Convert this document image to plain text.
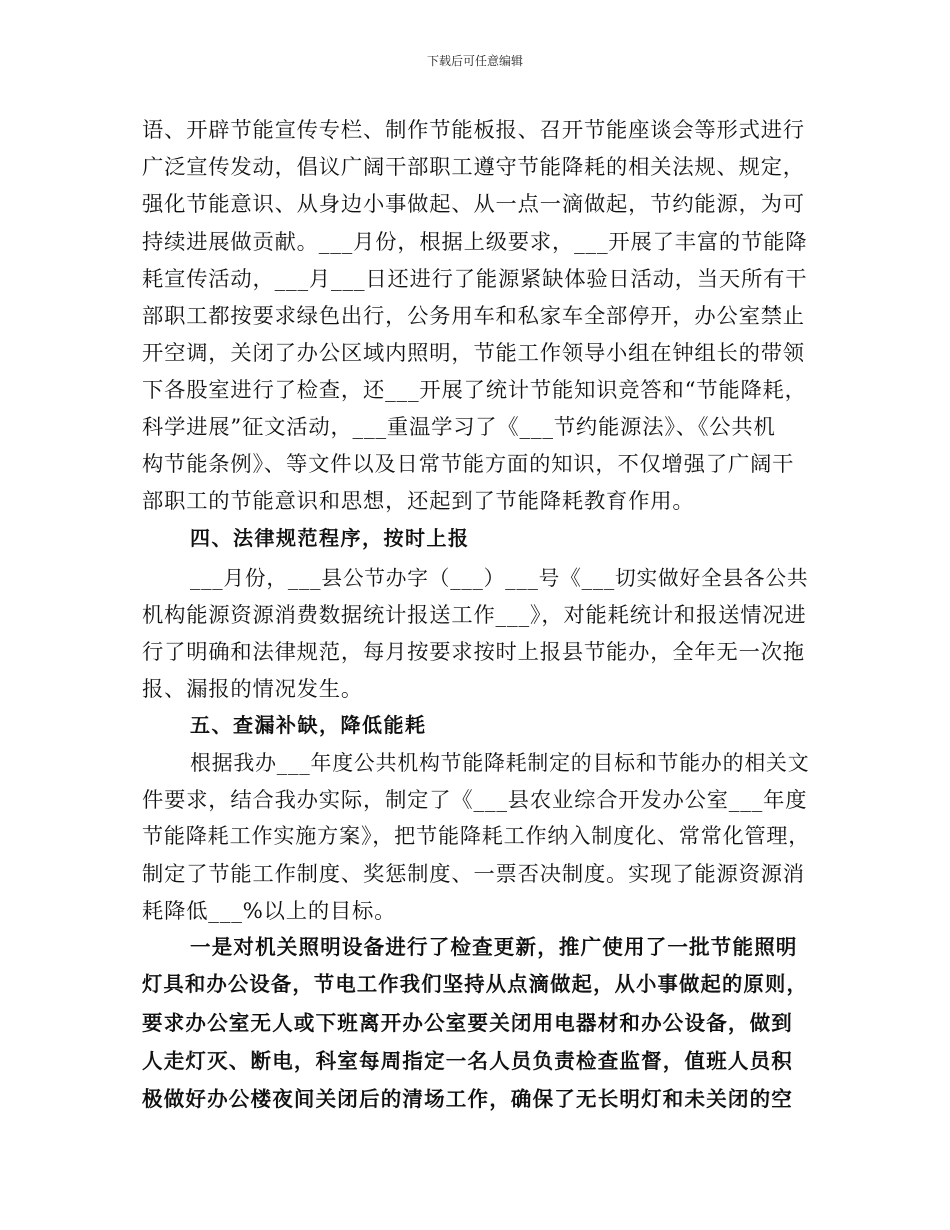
下载后可任意编辑
语、开辟节能宣传专栏、制作节能板报、召开节能座谈会等形式进行
广泛宣传发动，倡议广阔干部职工遵守节能降耗的相关法规、规定，
强化节能意识、从身边小事做起、从一点一滴做起，节约能源，为可
持续进展做贡献。___月份，根据上级要求，___开展了丰富的节能降
耗宣传活动，___月___日还进行了能源紧缺体验日活动，当天所有干
部职工都按要求绿色出行，公务用车和私家车全部停开，办公室禁止
开空调，关闭了办公区域内照明，节能工作领导小组在钟组长的带领
下各股室进行了检查，还___开展了统计节能知识竞答和“节能降耗，
科学进展”征文活动，___重温学习了《___节约能源法》、《公共机
构节能条例》、等文件以及日常节能方面的知识，不仅增强了广阔干
部职工的节能意识和思想，还起到了节能降耗教育作用。
四、法律规范程序，按时上报
___月份，___县公节办字（___）___号《___切实做好全县各公共
机构能源资源消费数据统计报送工作___》，对能耗统计和报送情况进
行了明确和法律规范，每月按要求按时上报县节能办，全年无一次拖
报、漏报的情况发生。
五、查漏补缺，降低能耗
根据我办___年度公共机构节能降耗制定的目标和节能办的相关文
件要求，结合我办实际，制定了《___县农业综合开发办公室___年度
节能降耗工作实施方案》，把节能降耗工作纳入制度化、常常化管理，
制定了节能工作制度、奖惩制度、一票否决制度。实现了能源资源消
耗降低___%以上的目标。
一是对机关照明设备进行了检查更新，推广使用了一批节能照明
灯具和办公设备，节电工作我们坚持从点滴做起，从小事做起的原则，
要求办公室无人或下班离开办公室要关闭用电器材和办公设备，做到
人走灯灭、断电，科室每周指定一名人员负责检查监督，值班人员积
极做好办公楼夜间关闭后的清场工作，确保了无长明灯和未关闭的空
